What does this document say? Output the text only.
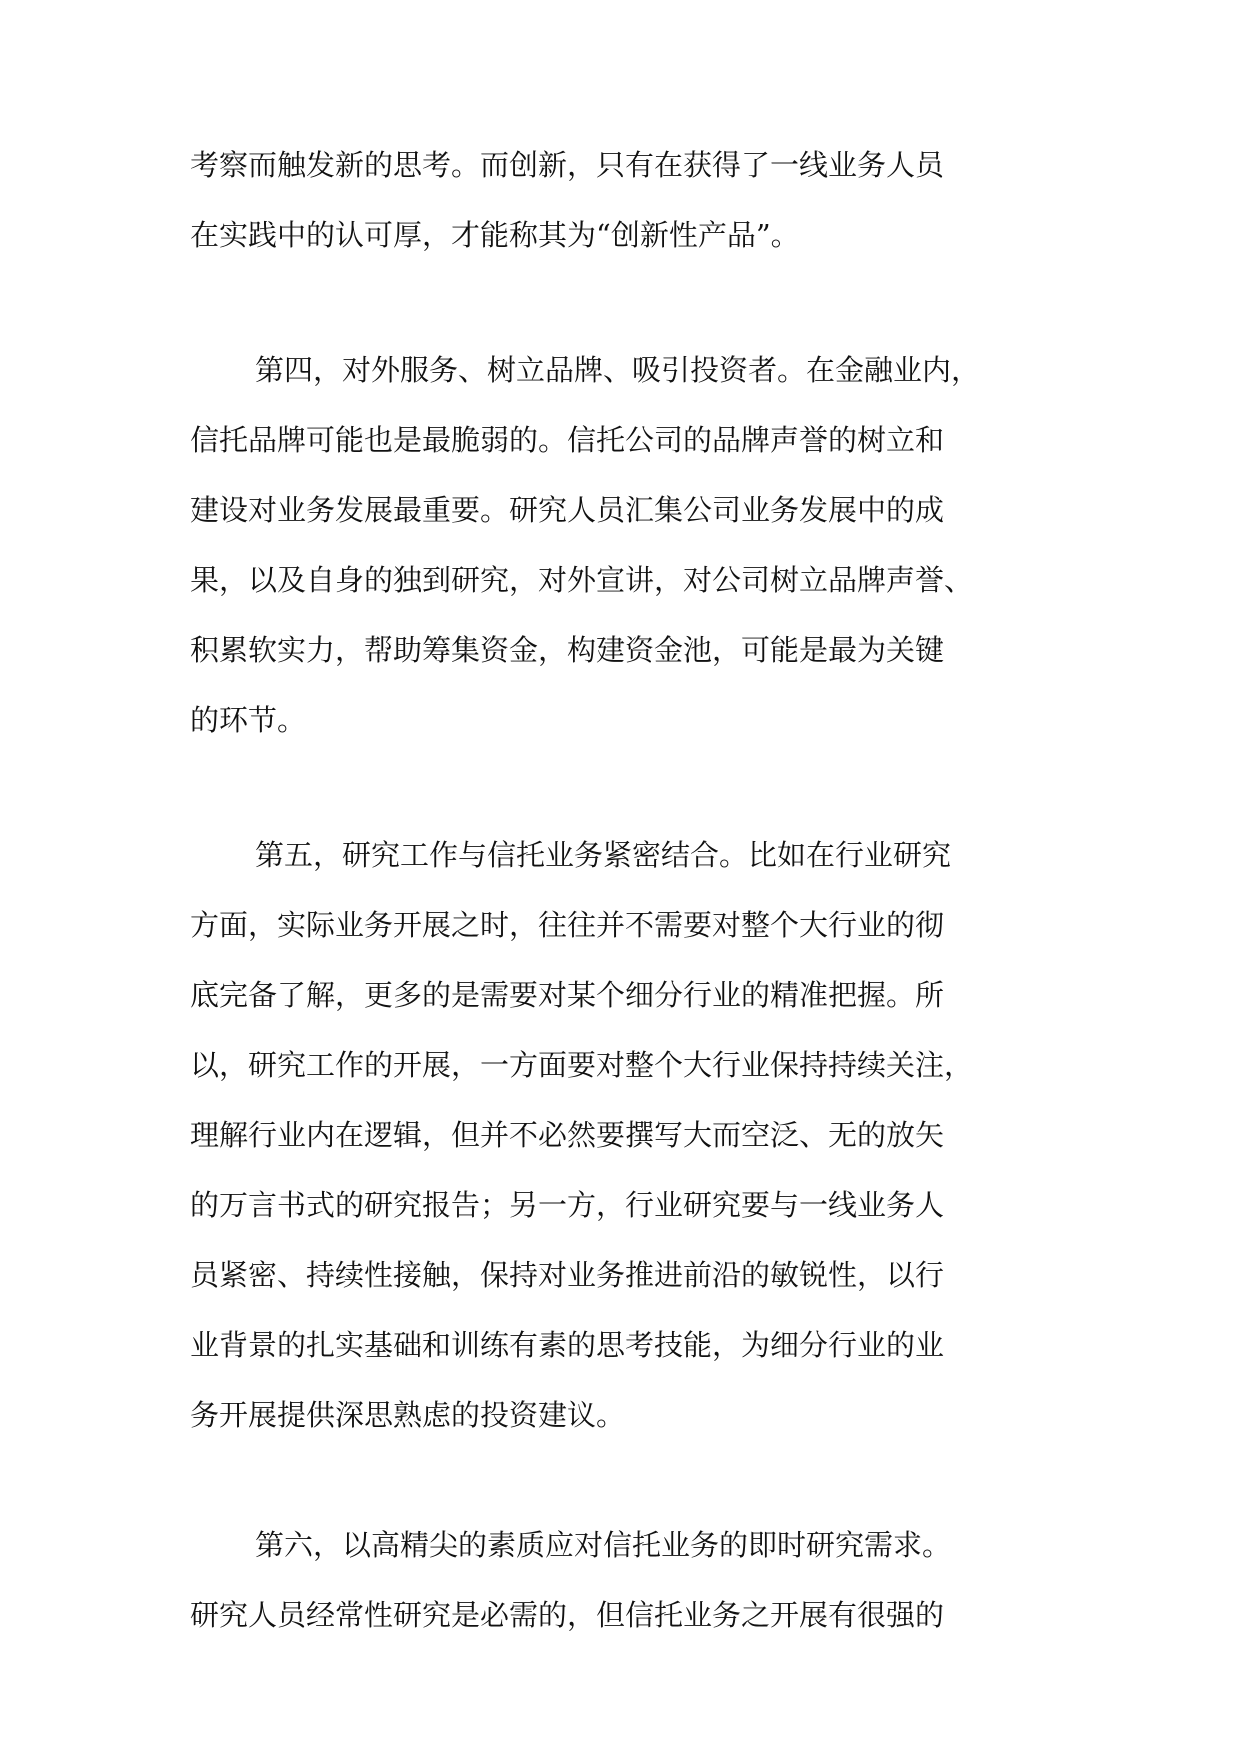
考察而触发新的思考。而创新，只有在获得了一线业务人员
在实践中的认可厚，才能称其为“创新性产品”。
第四，对外服务、树立品牌、吸引投资者。在金融业内，
信托品牌可能也是最脆弱的。信托公司的品牌声誉的树立和
建设对业务发展最重要。研究人员汇集公司业务发展中的成
果，以及自身的独到研究，对外宣讲，对公司树立品牌声誉、
积累软实力，帮助筹集资金，构建资金池，可能是最为关键
的环节。
第五，研究工作与信托业务紧密结合。比如在行业研究
方面，实际业务开展之时，往往并不需要对整个大行业的彻
底完备了解，更多的是需要对某个细分行业的精准把握。所
以，研究工作的开展，一方面要对整个大行业保持持续关注，
理解行业内在逻辑，但并不必然要撰写大而空泛、无的放矢
的万言书式的研究报告；另一方，行业研究要与一线业务人
员紧密、持续性接触，保持对业务推进前沿的敏锐性，以行
业背景的扎实基础和训练有素的思考技能，为细分行业的业
务开展提供深思熟虑的投资建议。
第六，以高精尖的素质应对信托业务的即时研究需求。
研究人员经常性研究是必需的，但信托业务之开展有很强的
